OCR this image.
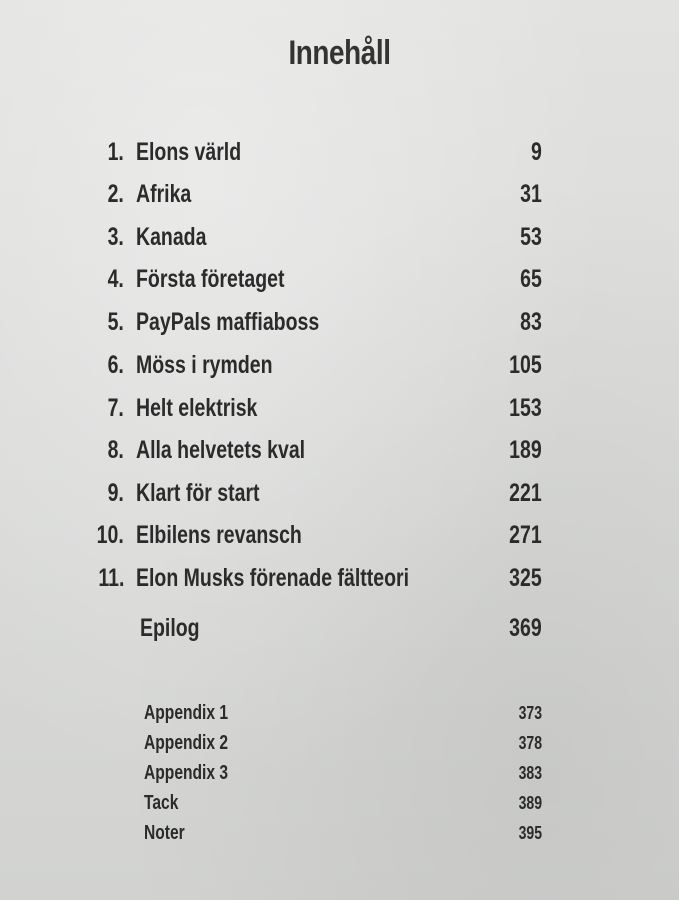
Innehåll
1. Elons värld	9
2. Afrika	31
3. Kanada	53
4. Första företaget	65
5. PayPals maffiaboss	83
6. Möss i rymden	105
7. Helt elektrisk	153
8. Alla helvetets kval	189
9. Klart för start	221
10. Elbilens revansch	271
11. Elon Musks förenade fältteori	325
Epilog	369
Appendix 1	373
Appendix 2	378
Appendix 3	383
Tack	389
Noter	395
